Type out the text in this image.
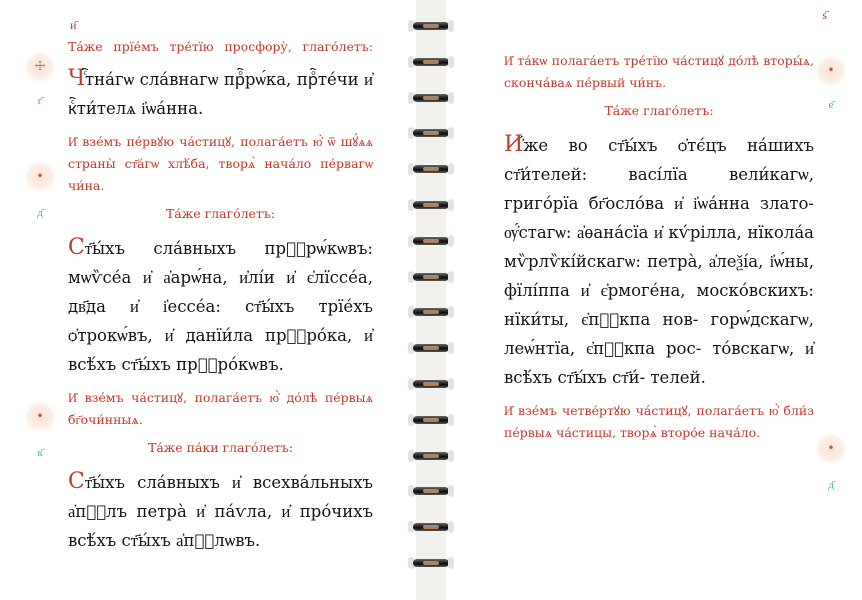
и҃
☩
г҃
•
д҃
•
к҃

Та́же прїе́мъ тре́тїю просфору̀, глаго́летъ:

Чⷭ҇тна́гѡ сла́внагѡ прⷪ҇рѡ́ка, прⷪ҇те́чи и҆ кⷭ҇ти́телѧ і҆ѡа́нна.

И҆ взе́мъ пе́рвꙋю ча́стицꙋ, полага́етъ ю҆̀ ѿ шꙋ́ѧѧ страны̀ ст҃а́гѡ хлѣ́ба, творѧ̀ нача́ло пе́рвагѡ чи́на.

Та́же глаго́летъ:

Ст҃ы́хъ сла́вныхъ прⷪ҇рѡ́кѡвъ: мѡѷсе́а и҆ а҆арѡ́на, и҆лі́и и҆ є҆лїссе́а, дв҃да и҆ і҆ессе́а: ст҃ы́хъ трїе́хъ ѻ҆трокѡ́въ, и҆ данїи́ла прⷪ҇ро́ка, и҆ всѣ́хъ ст҃ы́хъ прⷪ҇ро́кѡвъ.

И҆ взе́мъ ча́стицꙋ, полага́етъ ю҆̀ до́лѣ пе́рвыѧ бг҃очи́нныѧ.

Та́же па́ки глаго́летъ:

Ст҃ы́хъ сла́вныхъ и҆ всехва́льныхъ а҆пⷭ҇лъ петра̀ и҆ па́ѵла, и҆ про́чихъ всѣ́хъ ст҃ы́хъ а҆пⷭ҇лѡвъ.

ѕ҃
•
е҃
•
д҃

И҆ та́кѡ полага́етъ тре́тїю ча́стицꙋ до́лѣ вторы́ѧ, сконча́ваѧ пе́рвый чи́нъ.

Та́же глаго́летъ:

И҆́же во ст҃ы́хъ ѻ҆тє́цъ на́шихъ ст҃и́телей: васі́лїа вели́кагѡ, григо́рїа бг҃осло́ва и҆ і҆ѡа́нна злато- ѹ҆́стагѡ: а҆ѳана́сїа и҆ кѵ́рілла, нїкола́а мѷрлѷкі́йскагѡ: петра̀, а҆леѯі́а, і҆ѡ́ны, фїлі́ппа и҆ є҆рмоге́на, моско́вскихъ: нїки́ты, є҆пⷭ҇кпа нов- горѡ́дскагѡ, леѡ́нтїа, є҆пⷭ҇кпа рос- то́вскагѡ, и҆ всѣ́хъ ст҃ы́хъ ст҃и́- телей.

И҆ взе́мъ четве́ртꙋю ча́стицꙋ, полага́етъ ю҆̀ бли́з пе́рвыѧ ча́стицы, творѧ̀ второ́е нача́ло.
